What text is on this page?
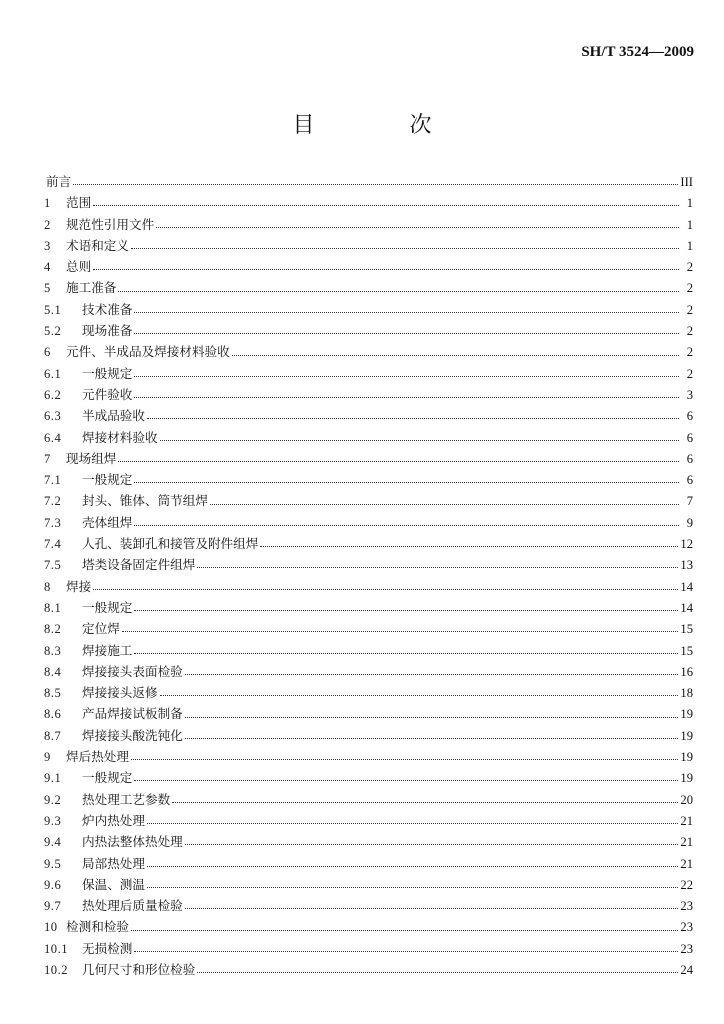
SH/T 3524—2009
目 次
前言	III
1	范围	1
2	规范性引用文件	1
3	术语和定义	1
4	总则	2
5	施工准备	2
5.1	技术准备	2
5.2	现场准备	2
6	元件、半成品及焊接材料验收	2
6.1	一般规定	2
6.2	元件验收	3
6.3	半成品验收	6
6.4	焊接材料验收	6
7	现场组焊	6
7.1	一般规定	6
7.2	封头、锥体、筒节组焊	7
7.3	壳体组焊	9
7.4	人孔、装卸孔和接管及附件组焊	12
7.5	塔类设备固定件组焊	13
8	焊接	14
8.1	一般规定	14
8.2	定位焊	15
8.3	焊接施工	15
8.4	焊接接头表面检验	16
8.5	焊接接头返修	18
8.6	产品焊接试板制备	19
8.7	焊接接头酸洗钝化	19
9	焊后热处理	19
9.1	一般规定	19
9.2	热处理工艺参数	20
9.3	炉内热处理	21
9.4	内热法整体热处理	21
9.5	局部热处理	21
9.6	保温、测温	22
9.7	热处理后质量检验	23
10 检测和检验	23
10.1	无损检测	23
10.2	几何尺寸和形位检验	24
